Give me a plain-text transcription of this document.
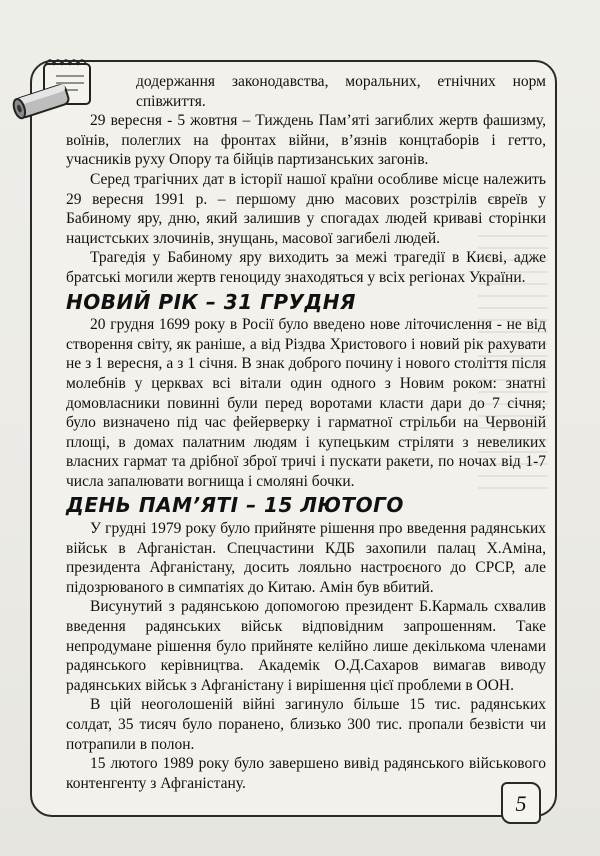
додержання законодавства, моральних, етнічних норм співжиття.

29 вересня - 5 жовтня – Тиждень Пам’яті загиблих жертв фашизму, воїнів, полеглих на фронтах війни, в’язнів концтаборів і гетто, учасників руху Опору та бійців партизанських загонів.

Серед трагічних дат в історії нашої країни особливе місце належить 29 вересня 1991 р. – першому дню масових розстрілів євреїв у Бабиному яру, дню, який залишив у спогадах людей криваві сторінки нацистських злочинів, знущань, масової загибелі людей.

Трагедія у Бабиному яру виходить за межі трагедії в Києві, адже братські могили жертв геноциду знаходяться у всіх регіонах України.

НОВИЙ РІК – 31 ГРУДНЯ

20 грудня 1699 року в Росії було введено нове літочислення - не від створення світу, як раніше, а від Різдва Христового і новий рік рахувати не з 1 вересня, а з 1 січня. В знак доброго почину і нового століття після молебнів у церквах всі вітали один одного з Новим роком: знатні домовласники повинні були перед воротами класти дари до 7 січня; було визначено під час фейерверку і гарматної стрільби на Червоній площі, в домах палатним людям і купецьким стріляти з невеликих власних гармат та дрібної зброї тричі і пускати ракети, по ночах від 1-7 числа запалювати вогнища і смоляні бочки.

ДЕНЬ ПАМ’ЯТІ – 15 ЛЮТОГО

У грудні 1979 року було прийняте рішення про введення радянських військ в Афганістан. Спецчастини КДБ захопили палац Х.Аміна, президента Афганістану, досить лояльно настроєного до СРСР, але підозрюваного в симпатіях до Китаю. Амін був вбитий.

Висунутий з радянською допомогою президент Б.Кармаль схвалив введення радянських військ відповідним запрошенням. Таке непродумане рішення було прийняте келійно лише декількома членами радянського керівництва. Академік О.Д.Сахаров вимагав виводу радянських військ з Афганістану і вирішення цієї проблеми в ООН.

В цій неоголошеній війні загинуло більше 15 тис. радянських солдат, 35 тисяч було поранено, близько 300 тис. пропали безвісти чи потрапили в полон.

15 лютого 1989 року було завершено вивід радянського військового контенгенту з Афганістану.

5
